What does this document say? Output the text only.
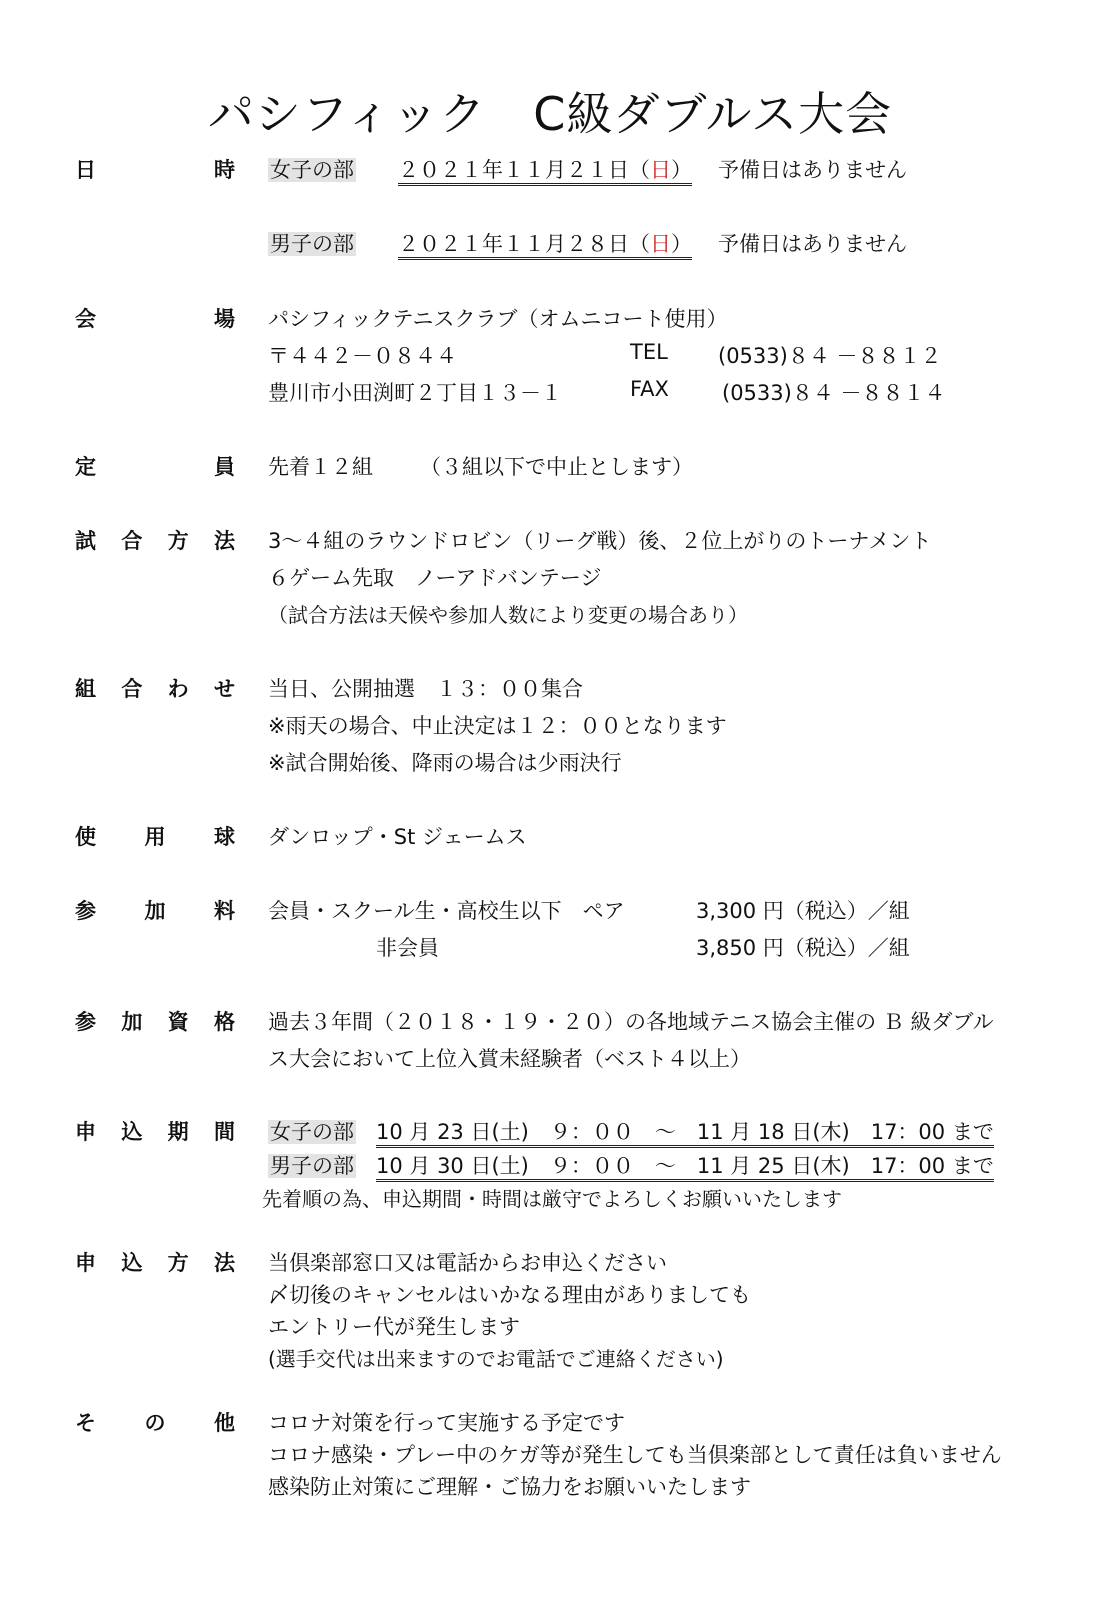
パシフィック　C級ダブルス大会
日	時 女子の部 ２０２１年１１月２１日（日） 予備日はありません
男子の部 ２０２１年１１月２８日（日） 予備日はありません
会	場 パシフィックテニスクラブ（オムニコート使用）
〒４４２－０８４４	TEL (0533)８４ －８８１２
豊川市小田渕町２丁目１３－１	FAX	(0533)８４ －８８１４
定	員 先着１２組 （３組以下で中止とします）
試 合 方 法 3～４組のラウンドロビン（リーグ戦）後、２位上がりのトーナメント
６ゲーム先取　ノーアドバンテージ
（試合方法は天候や参加人数により変更の場合あり）
組 合 わ せ 当日、公開抽選　１３：００集合
※雨天の場合、中止決定は１２：００となります
※試合開始後、降雨の場合は少雨決行
使 用 球 ダンロップ・St ジェームス
参 加 料 会員・スクール生・高校生以下　ペア	3,300 円（税込）／組
非会員	3,850 円（税込）／組
参 加 資 格 過去３年間（２０１８・１９・２０）の各地域テニス協会主催の Ｂ 級ダブル
ス大会において上位入賞未経験者（ベスト４以上）
申 込 期 間 女子の部 10 月 23 日(土)　９：００　～　11 月 18 日(木)　17：00 まで
男子の部 10 月 30 日(土)　９：００　～　11 月 25 日(木)　17：00 まで
先着順の為、申込期間・時間は厳守でよろしくお願いいたします
申 込 方 法 当倶楽部窓口又は電話からお申込ください
〆切後のキャンセルはいかなる理由がありましても
エントリー代が発生します
(選手交代は出来ますのでお電話でご連絡ください)
そ の 他 コロナ対策を行って実施する予定です
コロナ感染・プレー中のケガ等が発生しても当倶楽部として責任は負いません
感染防止対策にご理解・ご協力をお願いいたします
